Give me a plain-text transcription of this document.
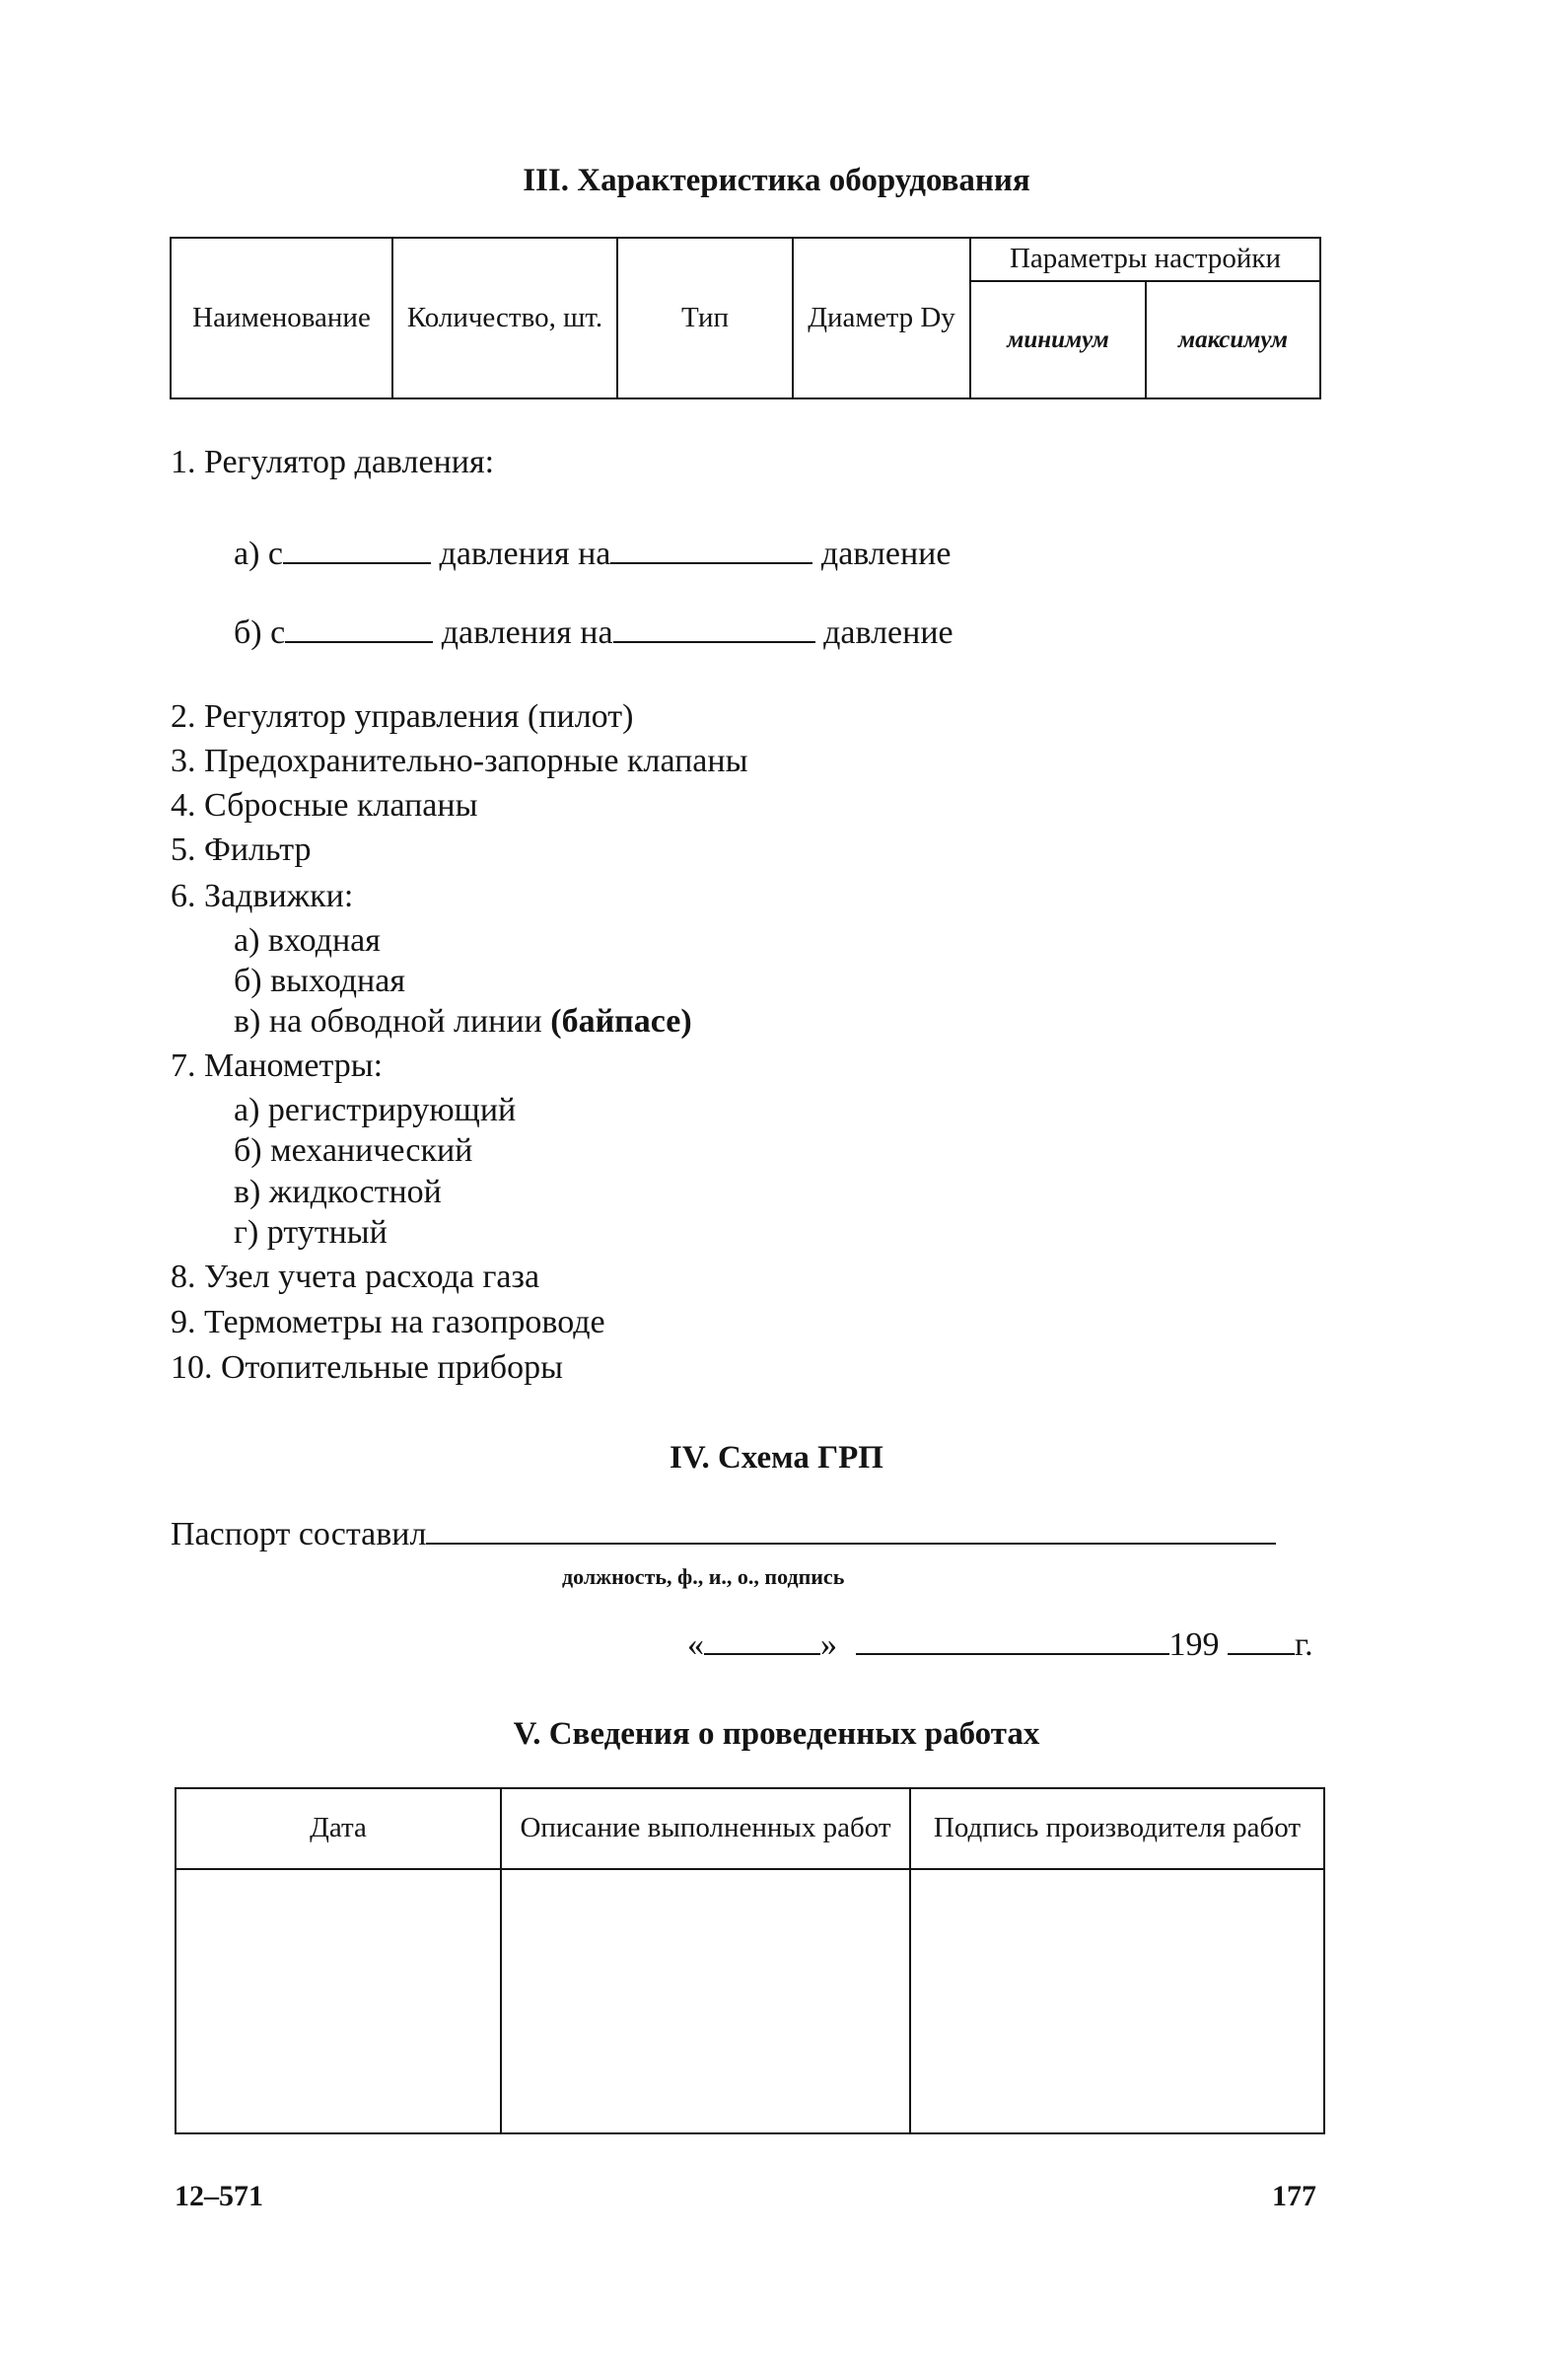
III. Характеристика оборудования
Наименование	Количество, шт.	Тип	Диаметр Dу	Параметры настройки	
				минимум	максимум
1. Регулятор давления:
а) с	давления на	давление
б) с	давления на	давление
2. Регулятор управления (пилот)
3. Предохранительно-запорные клапаны
4. Сбросные клапаны
5. Фильтр
6. Задвижки:
а) входная
б) выходная
в) на обводной линии (байпасе)
7. Манометры:
а) регистрирующий
б) механический
в) жидкостной
г) ртутный
8. Узел учета расхода газа
9. Термометры на газопроводе
10. Отопительные приборы
IV. Схема ГРП
Паспорт составил
должность, ф., и., о., подпись
«	»	199 г.
V. Сведения о проведенных работах
Дата	Описание выполненных работ	Подпись производителя работ

12–571	177
